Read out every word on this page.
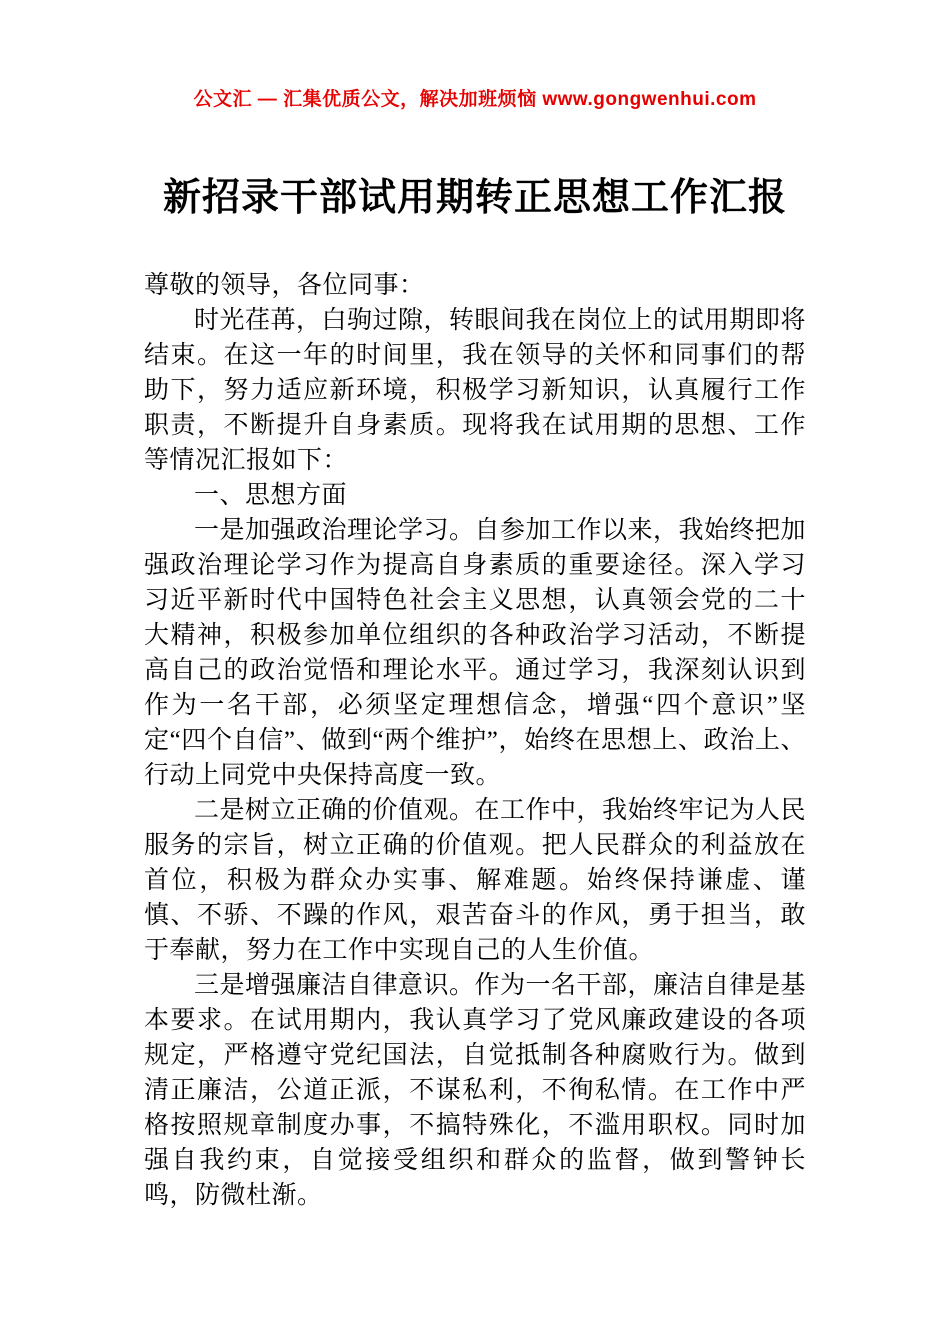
公文汇 — 汇集优质公文，解决加班烦恼 www.gongwenhui.com
新招录干部试用期转正思想工作汇报

尊敬的领导，各位同事：

时光荏苒，白驹过隙，转眼间我在岗位上的试用期即将结束。在这一年的时间里，我在领导的关怀和同事们的帮助下，努力适应新环境，积极学习新知识，认真履行工作职责，不断提升自身素质。现将我在试用期的思想、工作等情况汇报如下：

一、思想方面

一是加强政治理论学习。自参加工作以来，我始终把加强政治理论学习作为提高自身素质的重要途径。深入学习习近平新时代中国特色社会主义思想，认真领会党的二十大精神，积极参加单位组织的各种政治学习活动，不断提高自己的政治觉悟和理论水平。通过学习，我深刻认识到作为一名干部，必须坚定理想信念，增强“四个意识”坚定“四个自信”、做到“两个维护”，始终在思想上、政治上、行动上同党中央保持高度一致。

二是树立正确的价值观。在工作中，我始终牢记为人民服务的宗旨，树立正确的价值观。把人民群众的利益放在首位，积极为群众办实事、解难题。始终保持谦虚、谨慎、不骄、不躁的作风，艰苦奋斗的作风，勇于担当，敢于奉献，努力在工作中实现自己的人生价值。

三是增强廉洁自律意识。作为一名干部，廉洁自律是基本要求。在试用期内，我认真学习了党风廉政建设的各项规定，严格遵守党纪国法，自觉抵制各种腐败行为。做到清正廉洁，公道正派，不谋私利，不徇私情。在工作中严格按照规章制度办事，不搞特殊化，不滥用职权。同时加强自我约束，自觉接受组织和群众的监督，做到警钟长鸣，防微杜渐。
